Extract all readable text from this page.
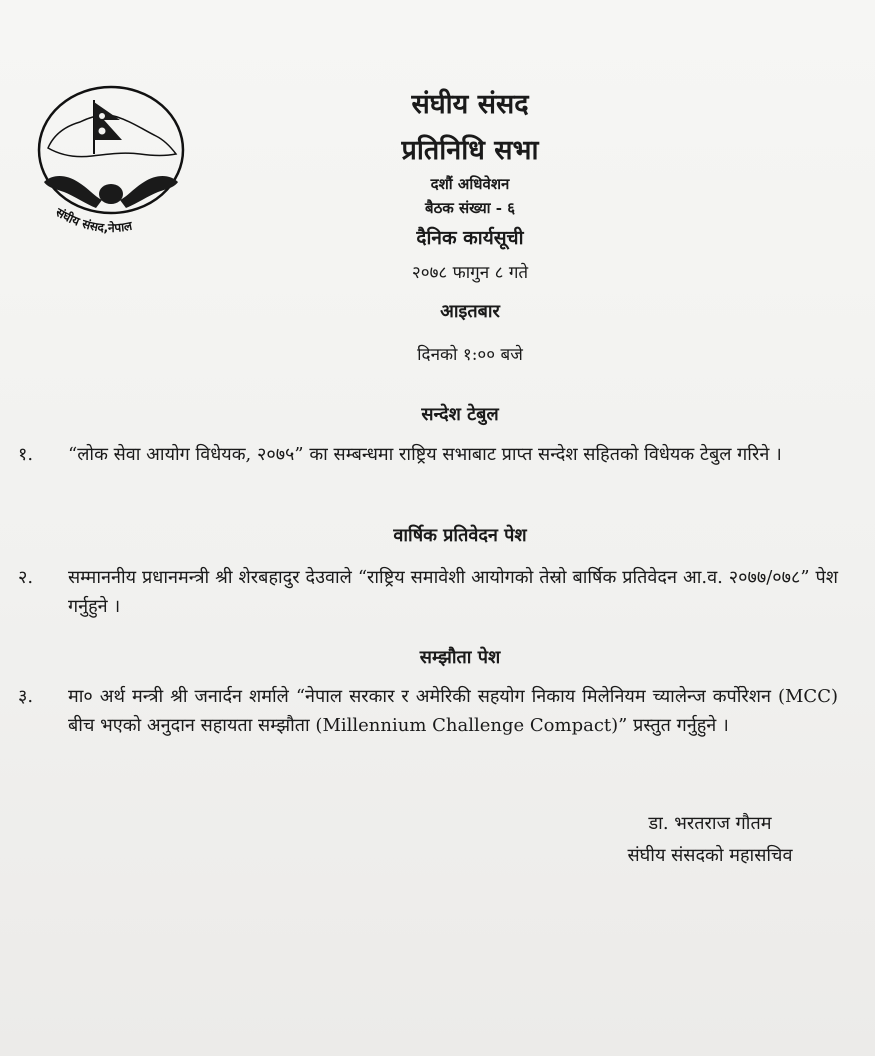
संघीय संसद,नेपाल
संघीय संसद
प्रतिनिधि सभा
दशौं अधिवेशन
बैठक संख्या - ६
दैनिक कार्यसूची
२०७८ फागुन ८ गते
आइतबार
दिनको १:०० बजे
सन्देश टेबुल
१. “लोक सेवा आयोग विधेयक, २०७५” का सम्बन्धमा राष्ट्रिय सभाबाट प्राप्त सन्देश सहितको विधेयक टेबुल गरिने ।
वार्षिक प्रतिवेदन पेश
२. सम्माननीय प्रधानमन्त्री श्री शेरबहादुर देउवाले “राष्ट्रिय समावेशी आयोगको तेस्रो बार्षिक प्रतिवेदन आ.व. २०७७/०७८” पेश गर्नुहुने ।
सम्झौता पेश
३. मा० अर्थ मन्त्री श्री जनार्दन शर्माले “नेपाल सरकार र अमेरिकी सहयोग निकाय मिलेनियम च्यालेन्ज कर्पोरेशन (MCC) बीच भएको अनुदान सहायता सम्झौता (Millennium Challenge Compact)” प्रस्तुत गर्नुहुने ।
डा. भरतराज गौतम
संघीय संसदको महासचिव
